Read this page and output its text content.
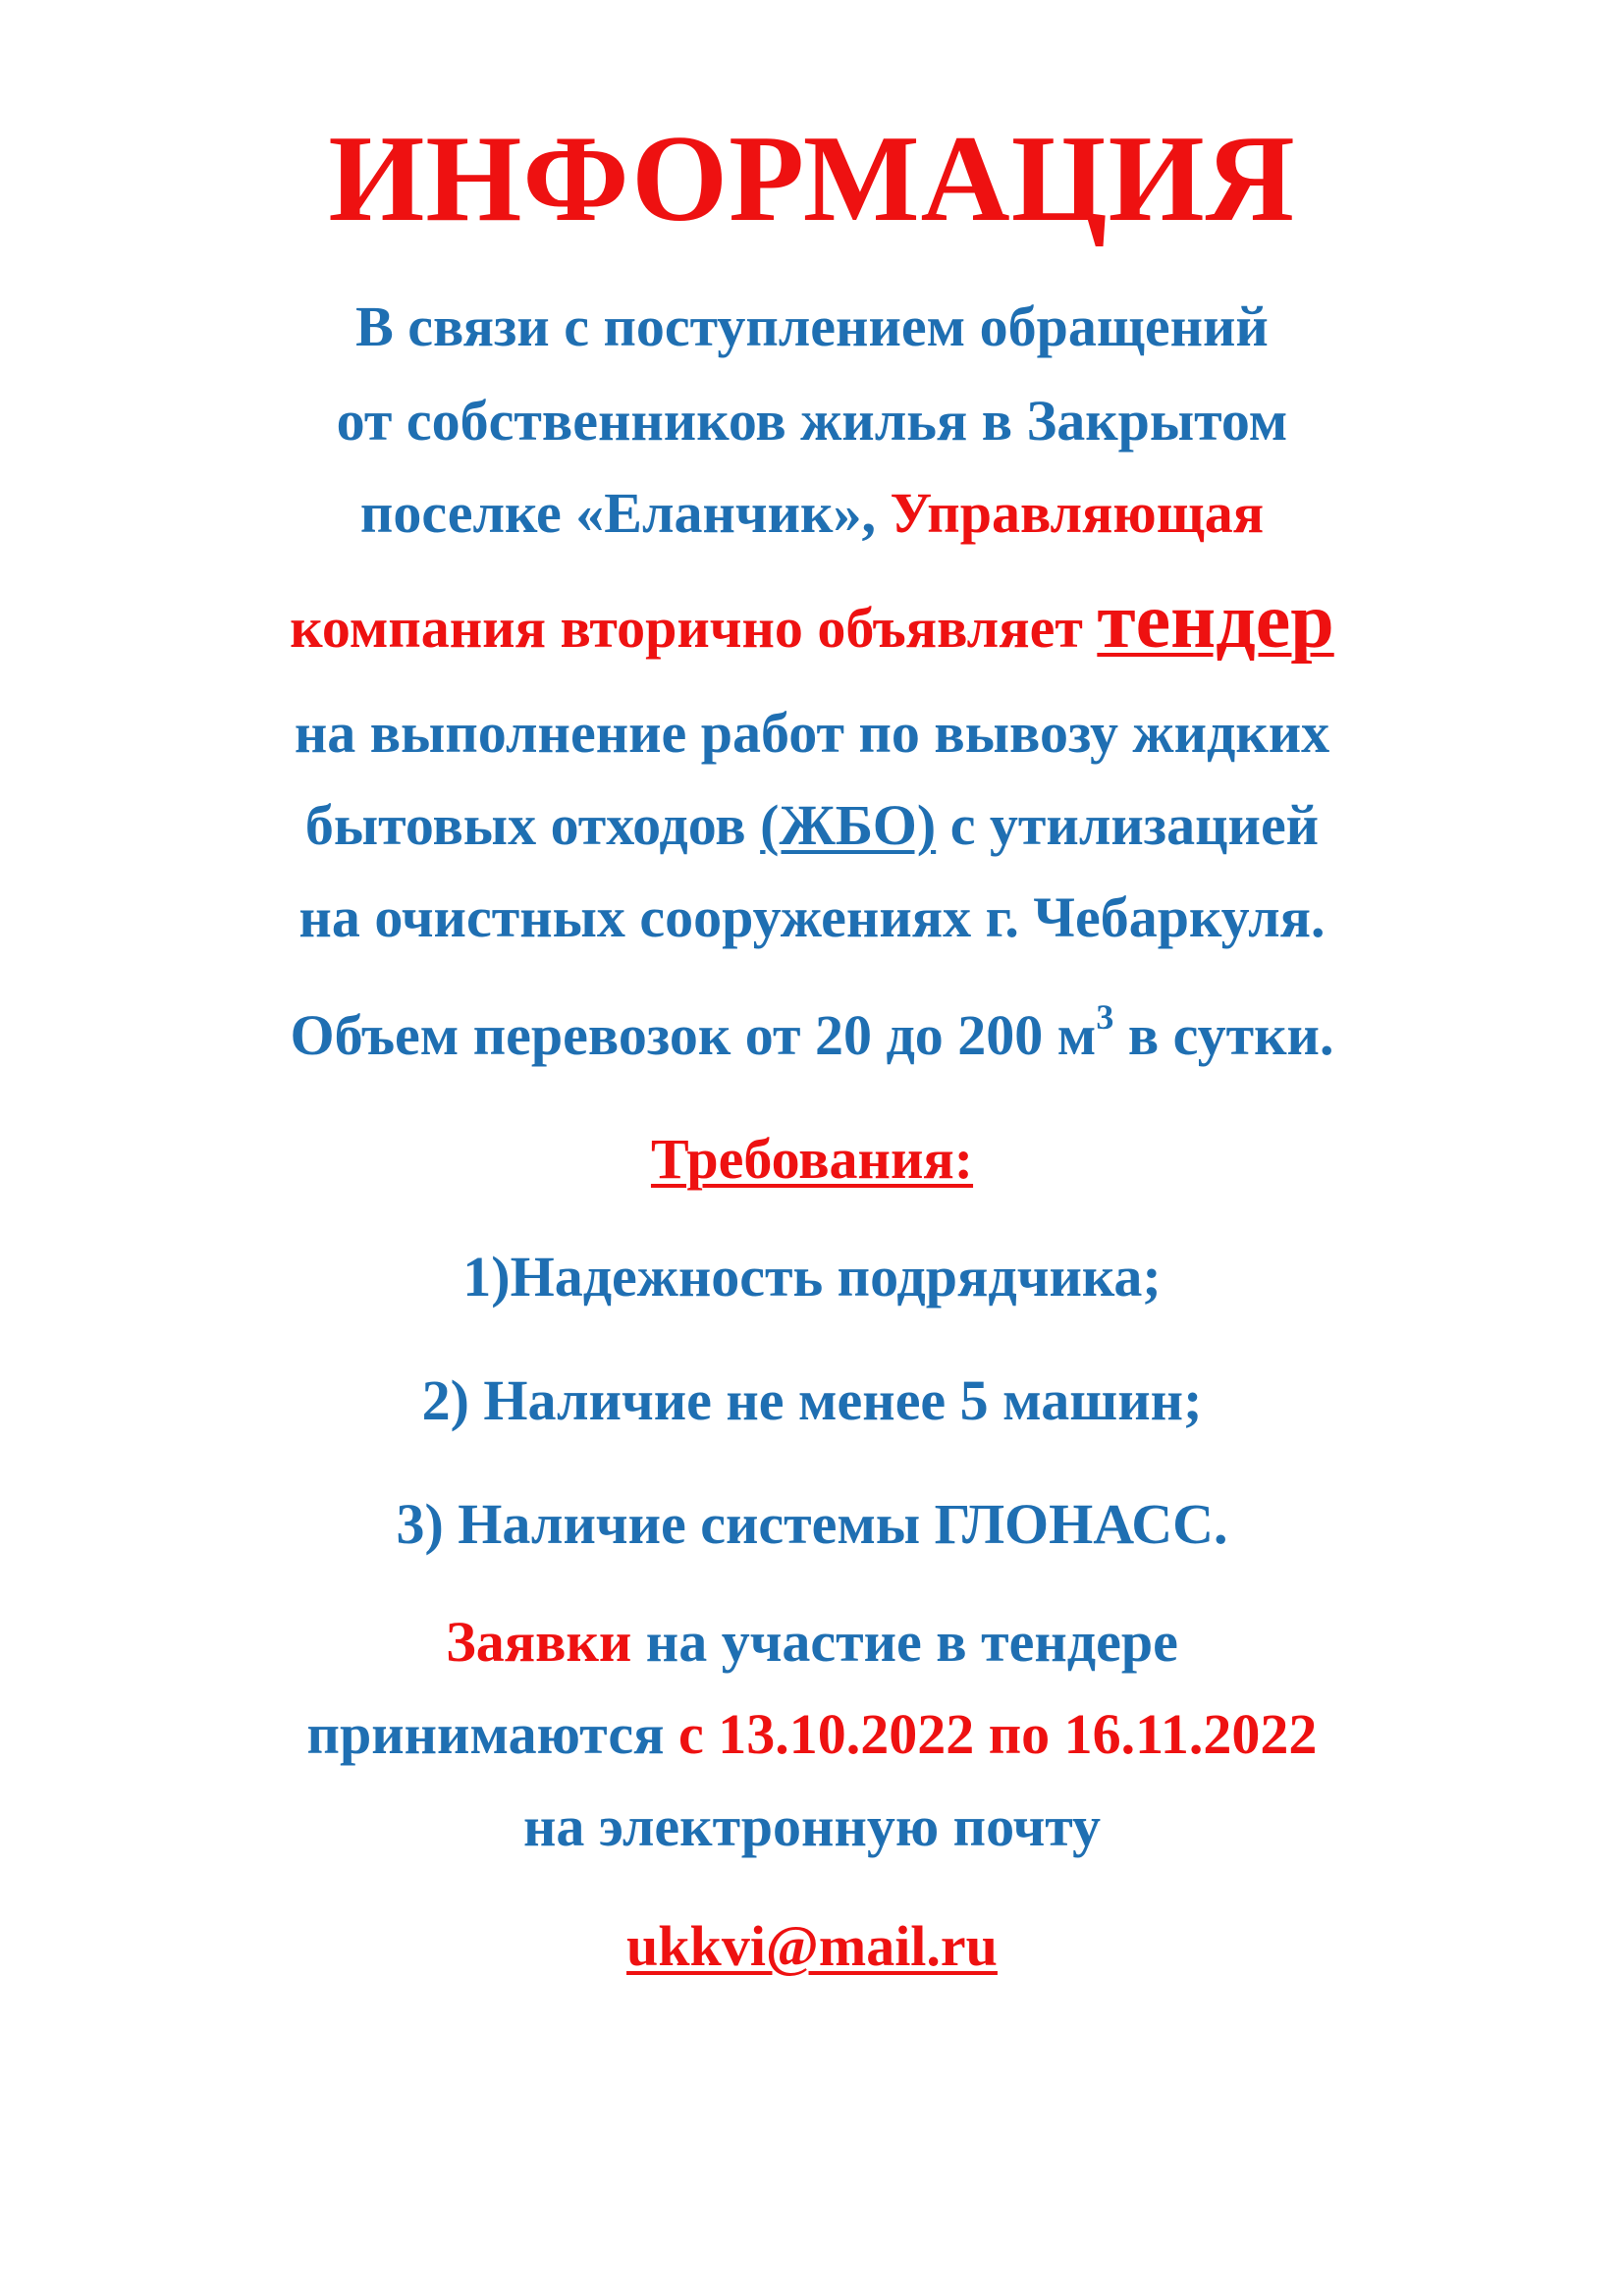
ИНФОРМАЦИЯ
В связи с поступлением обращений
от собственников жилья в Закрытом
поселке «Еланчик», Управляющая
компания вторично объявляет тендер
на выполнение работ по вывозу жидких
бытовых отходов (ЖБО) с утилизацией
на очистных сооружениях г. Чебаркуля.
Объем перевозок от 20 до 200 $м^3$ в сутки.
Требования:
1)Надежность подрядчика;
2) Наличие не менее 5 машин;
3) Наличие системы ГЛОНАСС.
Заявки на участие в тендере
принимаются с 13.10.2022 по 16.11.2022
на электронную почту
ukkvi@mail.ru
